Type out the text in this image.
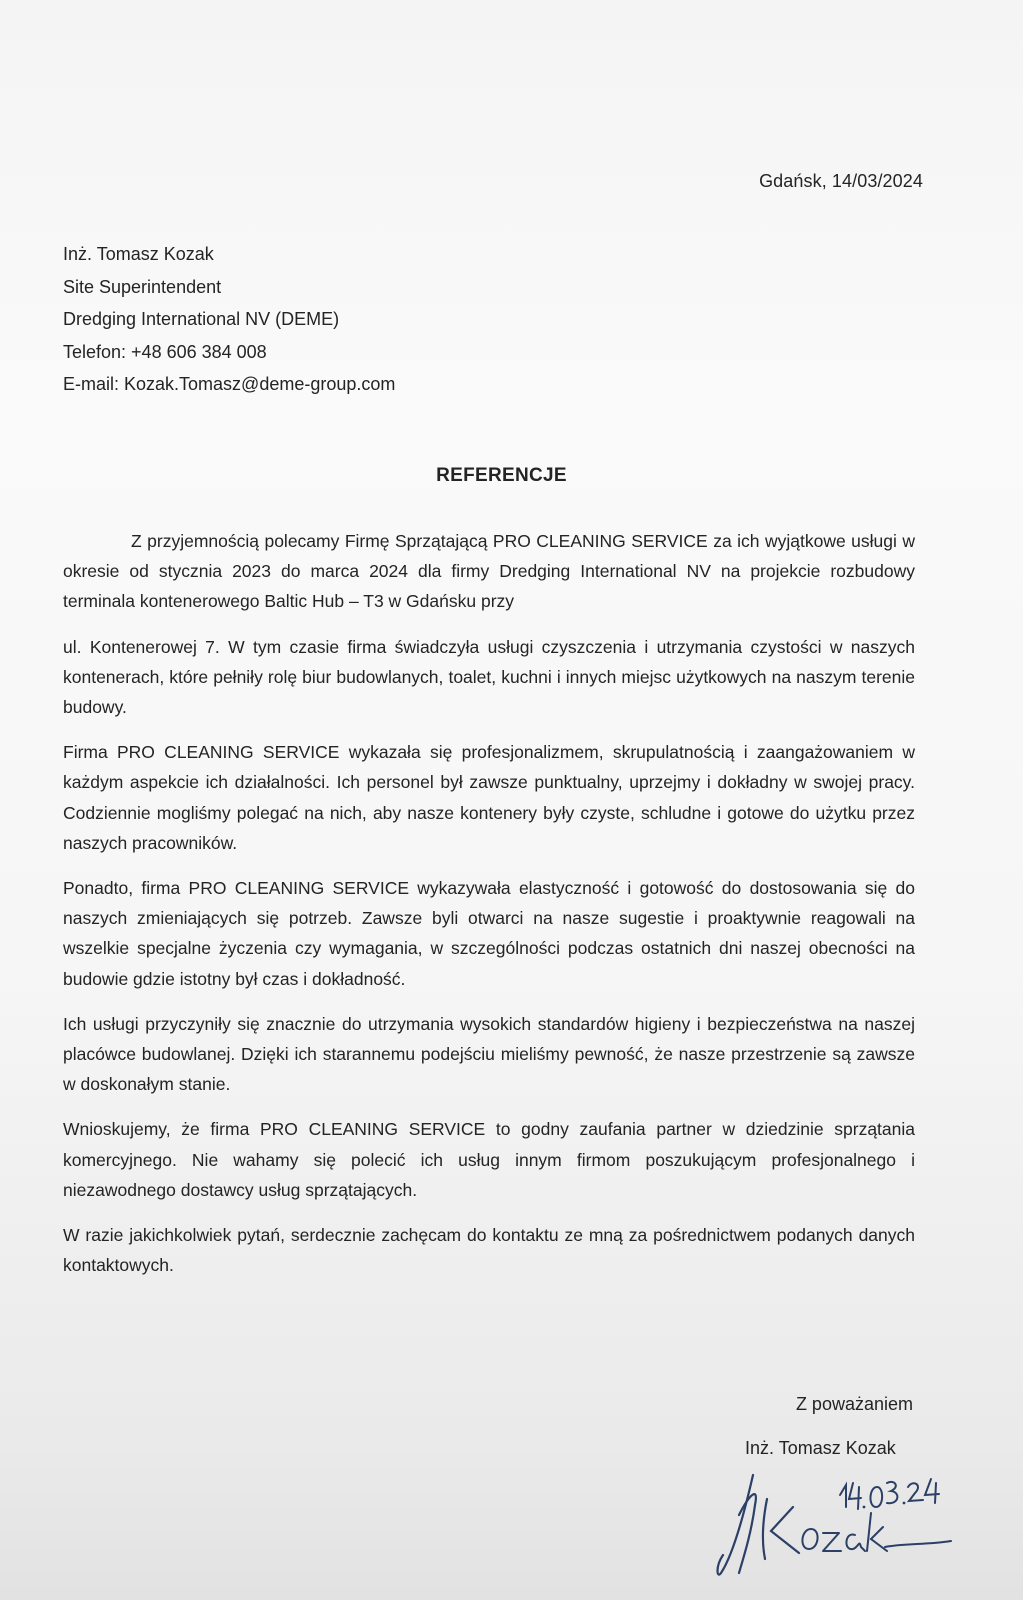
Gdańsk, 14/03/2024
Inż. Tomasz Kozak
Site Superintendent
Dredging International NV (DEME)
Telefon: +48 606 384 008
E-mail: Kozak.Tomasz@deme-group.com
REFERENCJE

Z przyjemnością polecamy Firmę Sprzątającą PRO CLEANING SERVICE za ich wyjątkowe usługi w okresie od stycznia 2023 do marca 2024 dla firmy Dredging International NV na projekcie rozbudowy terminala kontenerowego Baltic Hub – T3 w Gdańsku przy

ul. Kontenerowej 7. W tym czasie firma świadczyła usługi czyszczenia i utrzymania czystości w naszych kontenerach, które pełniły rolę biur budowlanych, toalet, kuchni i innych miejsc użytkowych na naszym terenie budowy.

Firma PRO CLEANING SERVICE wykazała się profesjonalizmem, skrupulatnością i zaangażowaniem w każdym aspekcie ich działalności. Ich personel był zawsze punktualny, uprzejmy i dokładny w swojej pracy. Codziennie mogliśmy polegać na nich, aby nasze kontenery były czyste, schludne i gotowe do użytku przez naszych pracowników.

Ponadto, firma PRO CLEANING SERVICE wykazywała elastyczność i gotowość do dostosowania się do naszych zmieniających się potrzeb. Zawsze byli otwarci na nasze sugestie i proaktywnie reagowali na wszelkie specjalne życzenia czy wymagania, w szczególności podczas ostatnich dni naszej obecności na budowie gdzie istotny był czas i dokładność.

Ich usługi przyczyniły się znacznie do utrzymania wysokich standardów higieny i bezpieczeństwa na naszej placówce budowlanej. Dzięki ich starannemu podejściu mieliśmy pewność, że nasze przestrzenie są zawsze w doskonałym stanie.

Wnioskujemy, że firma PRO CLEANING SERVICE to godny zaufania partner w dziedzinie sprzątania komercyjnego. Nie wahamy się polecić ich usług innym firmom poszukującym profesjonalnego i niezawodnego dostawcy usług sprzątających.

W razie jakichkolwiek pytań, serdecznie zachęcam do kontaktu ze mną za pośrednictwem podanych danych kontaktowych.

Z poważaniem
Inż. Tomasz Kozak
